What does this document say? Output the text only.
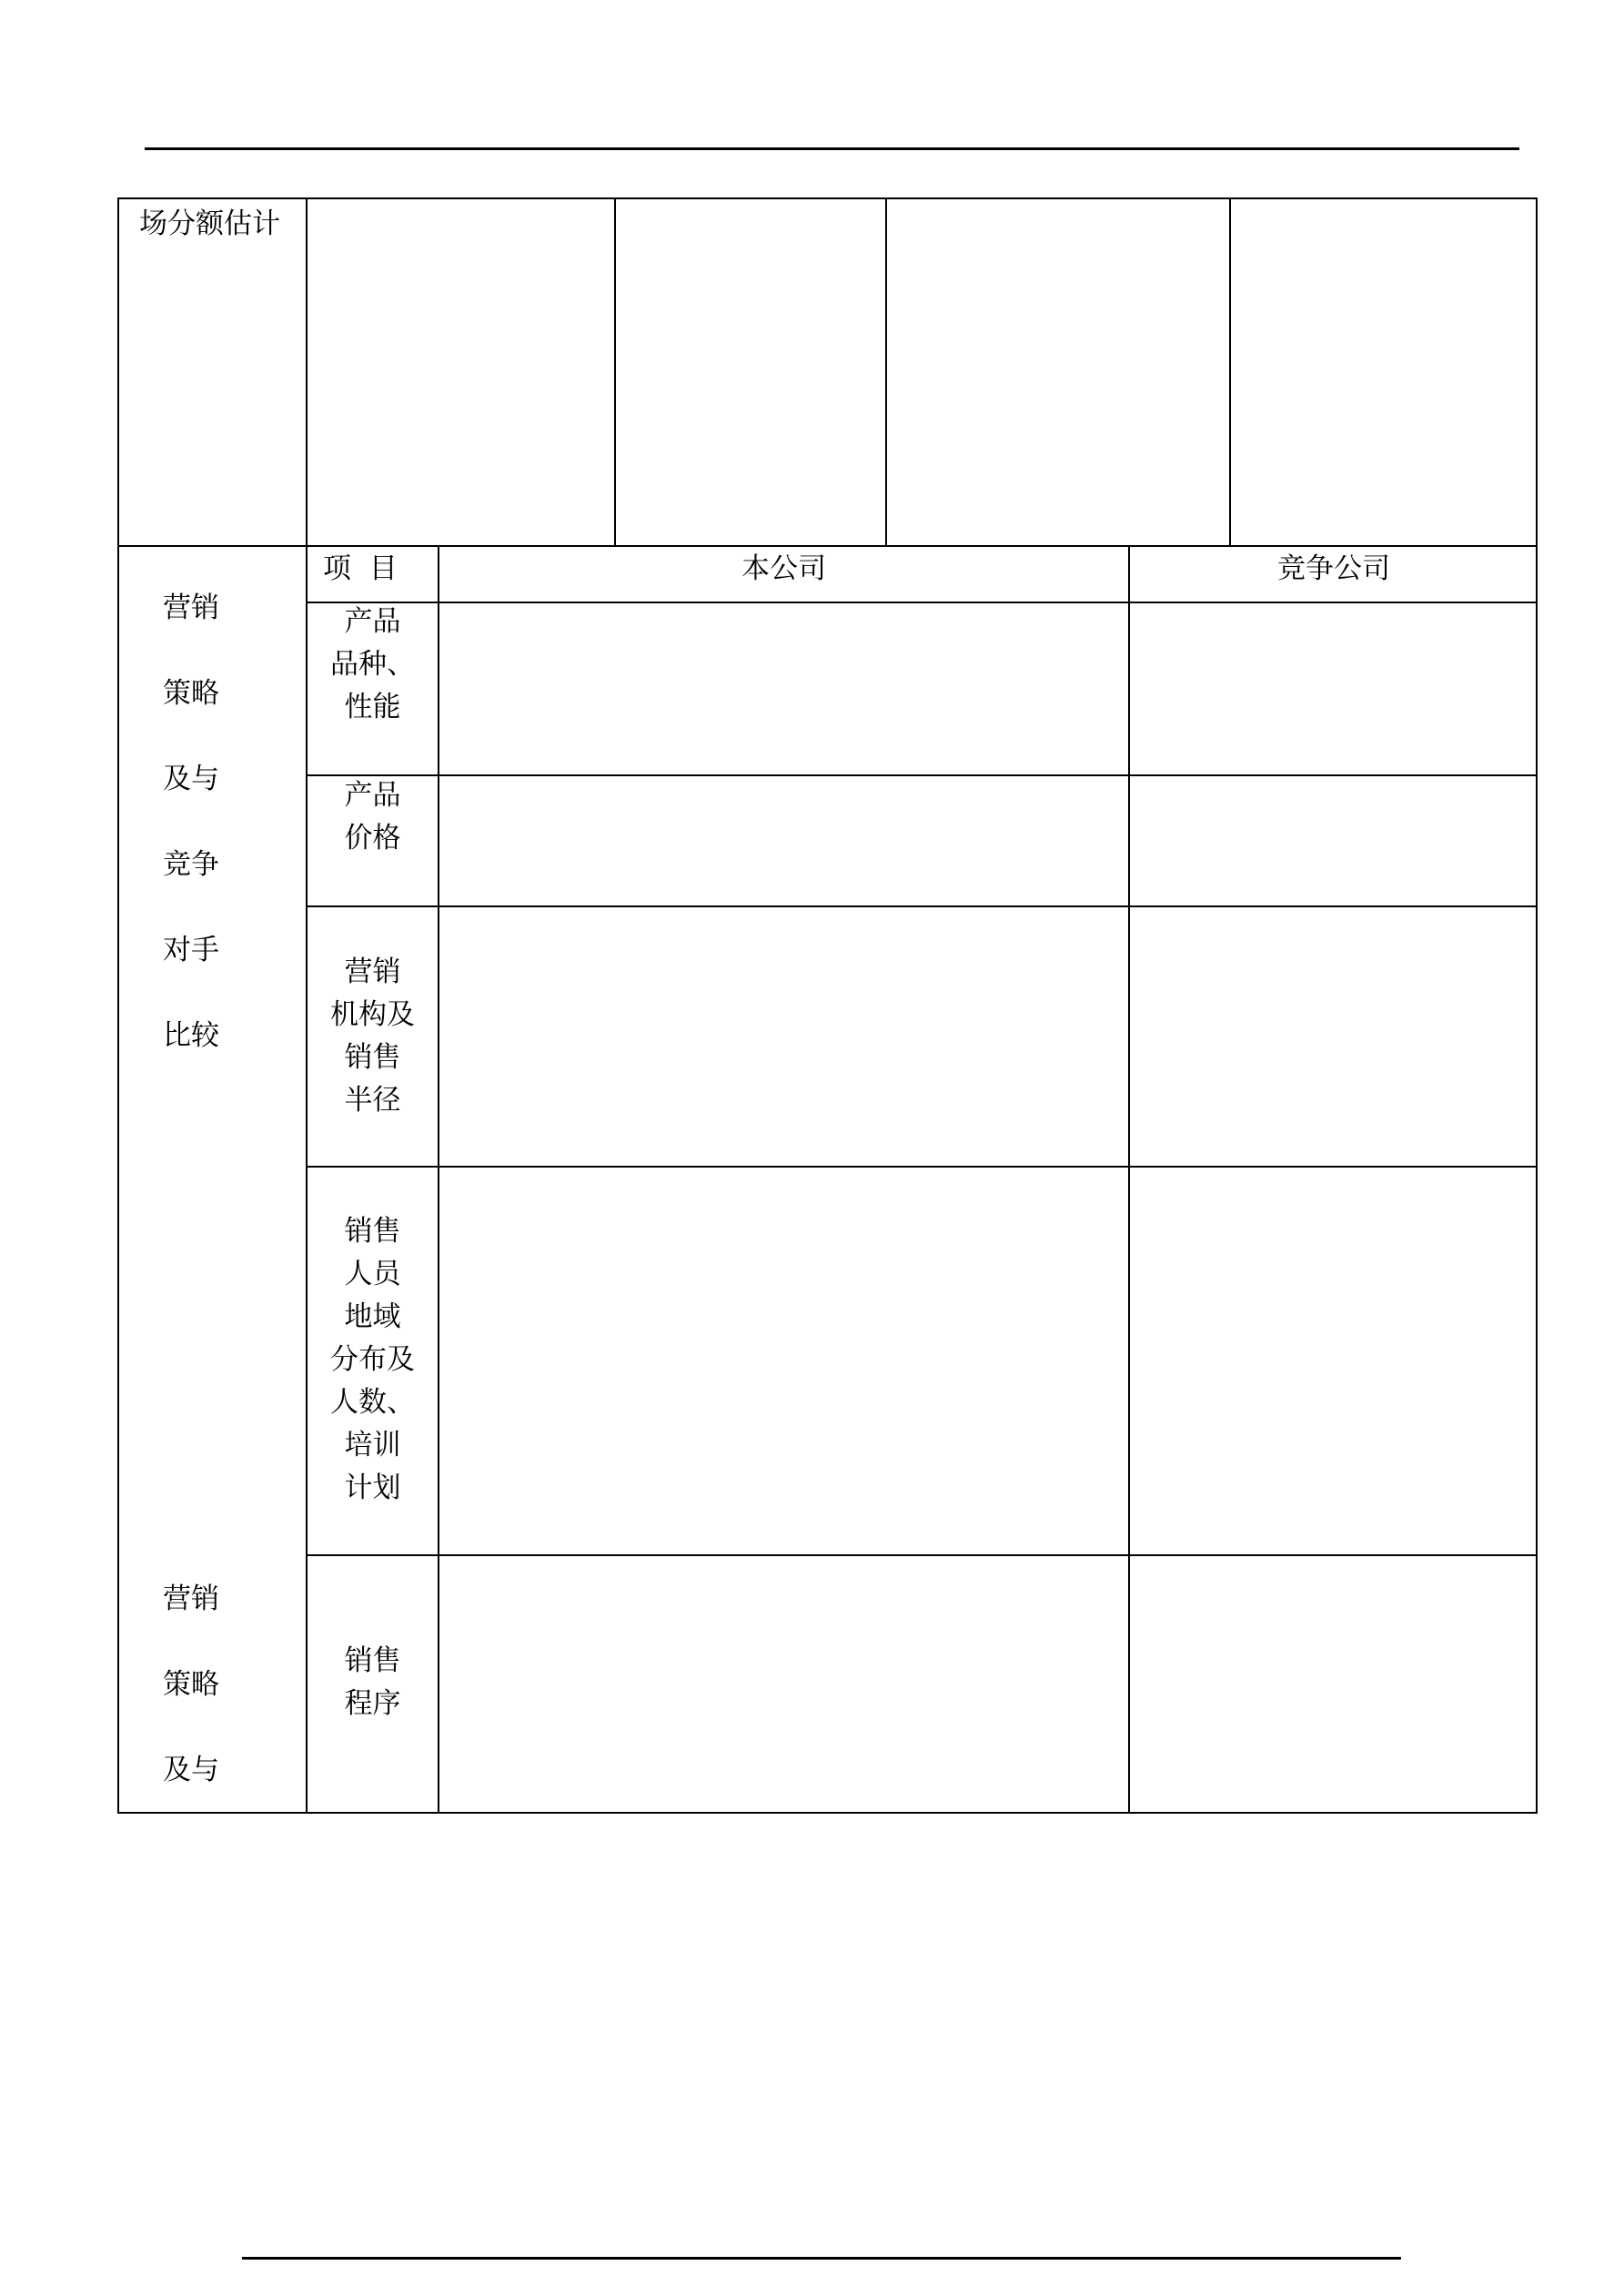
场分额估计
营销
策略
及与
竞争
对手
比较
营销
策略
及与
项  目	本公司	竞争公司
产品
品种、
性能
产品
价格
营销
机构及
销售
半径
销售
人员
地域
分布及
人数、
培训
计划
销售
程序
